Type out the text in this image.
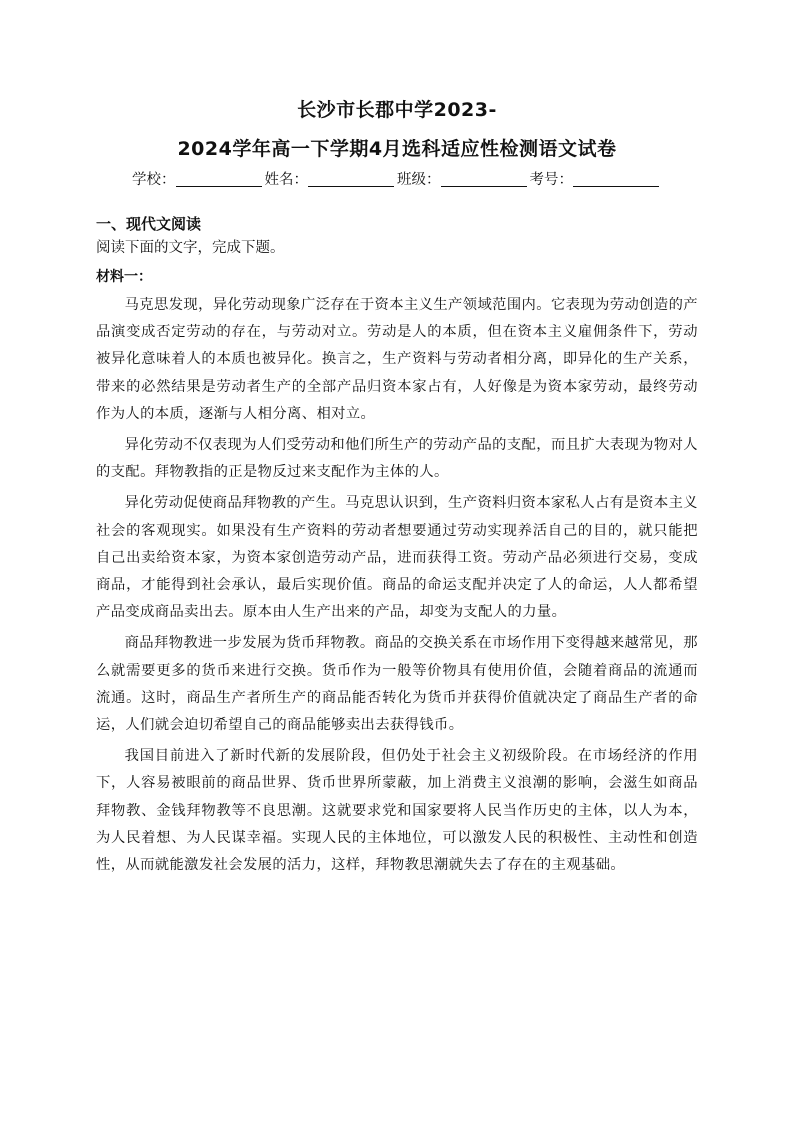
长沙市长郡中学2023-
2024学年高一下学期4月选科适应性检测语文试卷
学校：	姓名：	班级：	考号：
一、现代文阅读
阅读下面的文字，完成下题。
材料一：

马克思发现，异化劳动现象广泛存在于资本主义生产领域范围内。它表现为劳动创造的产品演变成否定劳动的存在，与劳动对立。劳动是人的本质，但在资本主义雇佣条件下，劳动被异化意味着人的本质也被异化。换言之，生产资料与劳动者相分离，即异化的生产关系，带来的必然结果是劳动者生产的全部产品归资本家占有，人好像是为资本家劳动，最终劳动作为人的本质，逐渐与人相分离、相对立。

异化劳动不仅表现为人们受劳动和他们所生产的劳动产品的支配，而且扩大表现为物对人的支配。拜物教指的正是物反过来支配作为主体的人。

异化劳动促使商品拜物教的产生。马克思认识到，生产资料归资本家私人占有是资本主义社会的客观现实。如果没有生产资料的劳动者想要通过劳动实现养活自己的目的，就只能把自己出卖给资本家，为资本家创造劳动产品，进而获得工资。劳动产品必须进行交易，变成商品，才能得到社会承认，最后实现价值。商品的命运支配并决定了人的命运，人人都希望产品变成商品卖出去。原本由人生产出来的产品，却变为支配人的力量。

商品拜物教进一步发展为货币拜物教。商品的交换关系在市场作用下变得越来越常见，那么就需要更多的货币来进行交换。货币作为一般等价物具有使用价值，会随着商品的流通而流通。这时，商品生产者所生产的商品能否转化为货币并获得价值就决定了商品生产者的命运，人们就会迫切希望自己的商品能够卖出去获得钱币。

我国目前进入了新时代新的发展阶段，但仍处于社会主义初级阶段。在市场经济的作用下，人容易被眼前的商品世界、货币世界所蒙蔽，加上消费主义浪潮的影响，会滋生如商品拜物教、金钱拜物教等不良思潮。这就要求党和国家要将人民当作历史的主体，以人为本，为人民着想、为人民谋幸福。实现人民的主体地位，可以激发人民的积极性、主动性和创造性，从而就能激发社会发展的活力，这样，拜物教思潮就失去了存在的主观基础。
